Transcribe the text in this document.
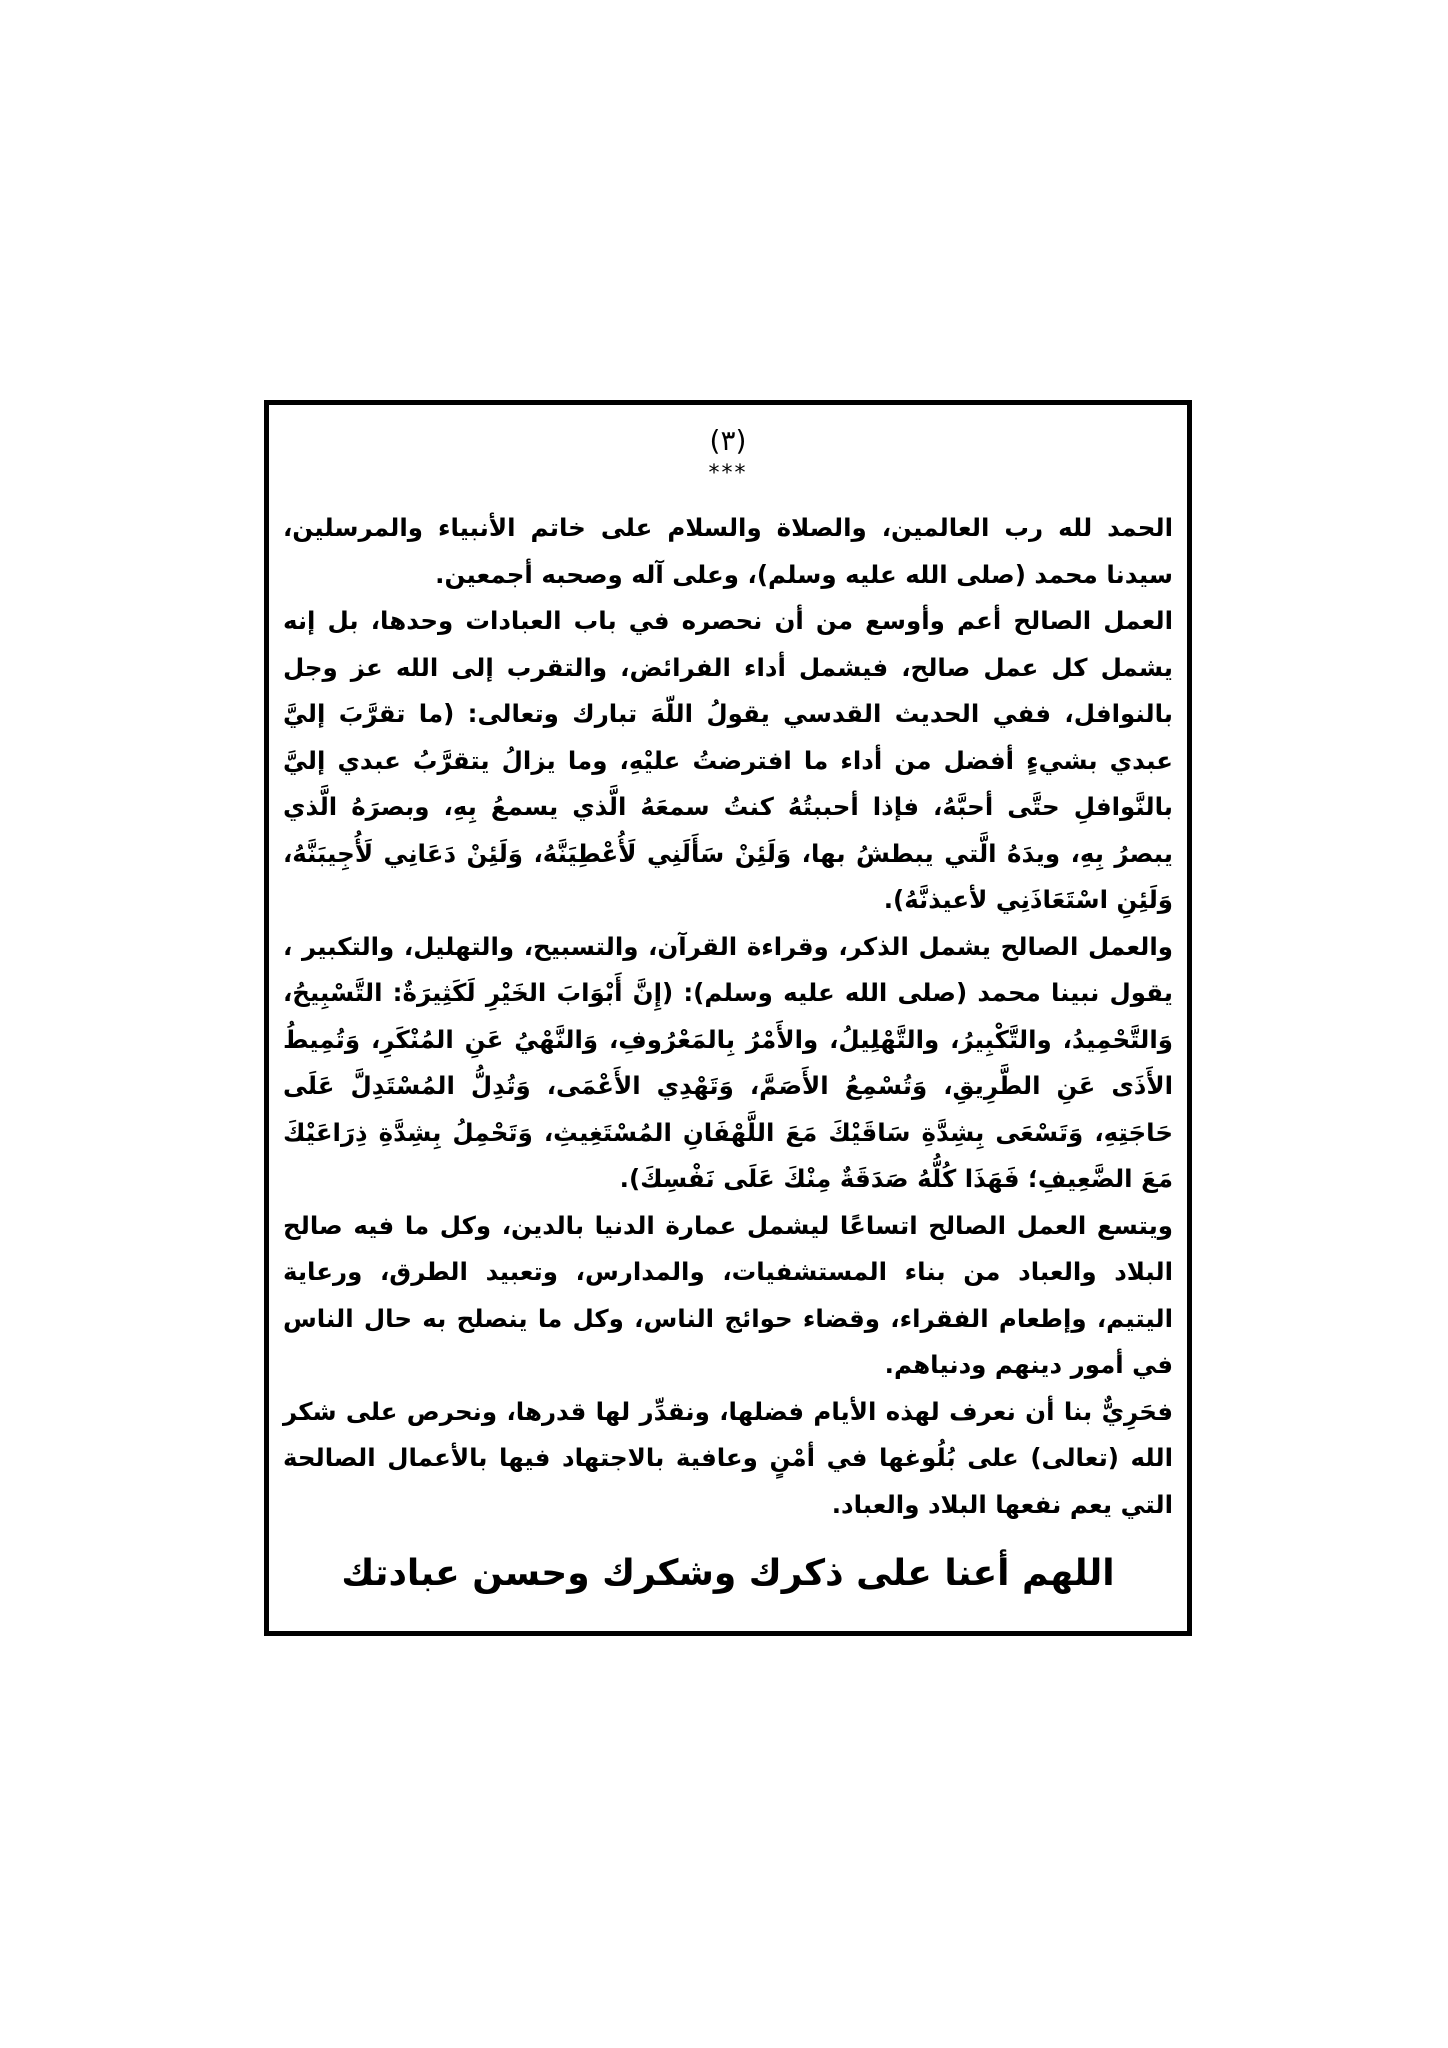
(٣)
***

الحمد لله رب العالمين، والصلاة والسلام على خاتم الأنبياء والمرسلين، سيدنا محمد (صلى الله عليه وسلم)، وعلى آله وصحبه أجمعين.

العمل الصالح أعم وأوسع من أن نحصره في باب العبادات وحدها، بل إنه يشمل كل عمل صالح، فيشمل أداء الفرائض، والتقرب إلى الله عز وجل بالنوافل، ففي الحديث القدسي يقولُ اللّهَ تبارك وتعالى: (ما تقرَّبَ إليَّ عبدي بشيءٍ أفضل من أداء ما افترضتُ عليْهِ، وما يزالُ يتقرَّبُ عبدي إليَّ بالنَّوافلِ حتَّى أحبَّهُ، فإذا أحببتُهُ كنتُ سمعَهُ الَّذي يسمعُ بِهِ، وبصرَهُ الَّذي يبصرُ بِهِ، ويدَهُ الَّتي يبطشُ بها، وَلَئِنْ سَأَلَنِي لَأُعْطِيَنَّهُ، وَلَئِنْ دَعَانِي لَأُجِيبَنَّهُ، وَلَئِنِ اسْتَعَاذَنِي لأعيذنَّهُ).

والعمل الصالح يشمل الذكر، وقراءة القرآن، والتسبيح، والتهليل، والتكبير ، يقول نبينا محمد (صلى الله عليه وسلم): (إِنَّ أَبْوَابَ الخَيْرِ لَكَثِيرَةٌ: التَّسْبِيحُ، وَالتَّحْمِيدُ، والتَّكْبِيرُ، والتَّهْلِيلُ، والأَمْرُ بِالمَعْرُوفِ، وَالنَّهْيُ عَنِ المُنْكَرِ، وَتُمِيطُ الأَذَى عَنِ الطَّرِيقِ، وَتُسْمِعُ الأَصَمَّ، وَتَهْدِي الأَعْمَى، وَتُدِلُّ المُسْتَدِلَّ عَلَى حَاجَتِهِ، وَتَسْعَى بِشِدَّةِ سَاقَيْكَ مَعَ اللَّهْفَانِ المُسْتَغِيثِ، وَتَحْمِلُ بِشِدَّةِ ذِرَاعَيْكَ مَعَ الضَّعِيفِ؛ فَهَذَا كُلُّهُ صَدَقَةٌ مِنْكَ عَلَى نَفْسِكَ).

ويتسع العمل الصالح اتساعًا ليشمل عمارة الدنيا بالدين، وكل ما فيه صالح البلاد والعباد من بناء المستشفيات، والمدارس، وتعبيد الطرق، ورعاية اليتيم، وإطعام الفقراء، وقضاء حوائج الناس، وكل ما ينصلح به حال الناس في أمور دينهم ودنياهم.

فحَرِيٌّ بنا أن نعرف لهذه الأيام فضلها، ونقدِّر لها قدرها، ونحرص على شكر الله (تعالى) على بُلُوغها في أمْنٍ وعافية بالاجتهاد فيها بالأعمال الصالحة التي يعم نفعها البلاد والعباد.

اللهم أعنا على ذكرك وشكرك وحسن عبادتك
